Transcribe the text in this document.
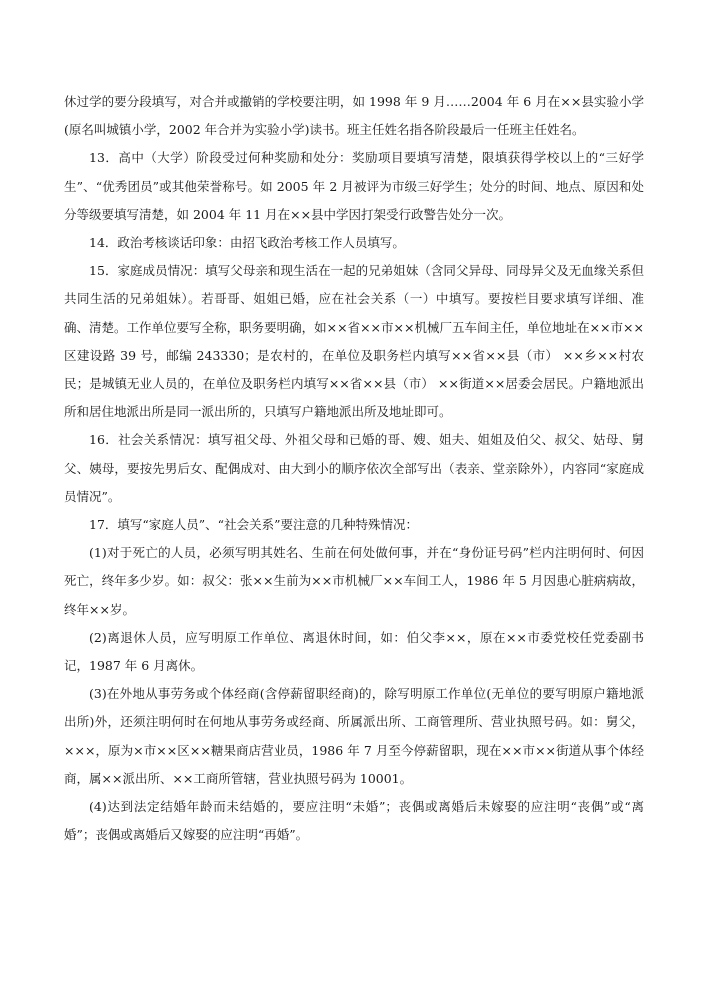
休过学的要分段填写，对合并或撤销的学校要注明，如 1998 年 9 月……2004 年 6 月在××县实验小学(原名叫城镇小学，2002 年合并为实验小学)读书。班主任姓名指各阶段最后一任班主任姓名。

13．高中（大学）阶段受过何种奖励和处分：奖励项目要填写清楚，限填获得学校以上的“三好学生”、“优秀团员”或其他荣誉称号。如 2005 年 2 月被评为市级三好学生；处分的时间、地点、原因和处分等级要填写清楚，如 2004 年 11 月在××县中学因打架受行政警告处分一次。

14．政治考核谈话印象：由招飞政治考核工作人员填写。

15．家庭成员情况：填写父母亲和现生活在一起的兄弟姐妹（含同父异母、同母异父及无血缘关系但共同生活的兄弟姐妹）。若哥哥、姐姐已婚，应在社会关系（一）中填写。要按栏目要求填写详细、准确、清楚。工作单位要写全称，职务要明确，如××省××市××机械厂五车间主任，单位地址在××市××区建设路 39 号，邮编 243330；是农村的，在单位及职务栏内填写××省××县（市） ××乡××村农民；是城镇无业人员的，在单位及职务栏内填写××省××县（市） ××街道××居委会居民。户籍地派出所和居住地派出所是同一派出所的，只填写户籍地派出所及地址即可。

16．社会关系情况：填写祖父母、外祖父母和已婚的哥、嫂、姐夫、姐姐及伯父、叔父、姑母、舅父、姨母，要按先男后女、配偶成对、由大到小的顺序依次全部写出（表亲、堂亲除外），内容同“家庭成员情况”。

17．填写“家庭人员”、“社会关系”要注意的几种特殊情况：

(1)对于死亡的人员，必须写明其姓名、生前在何处做何事，并在“身份证号码”栏内注明何时、何因死亡，终年多少岁。如：叔父：张××生前为××市机械厂××车间工人，1986 年 5 月因患心脏病病故，终年××岁。

(2)离退休人员，应写明原工作单位、离退休时间，如：伯父李××，原在××市委党校任党委副书记，1987 年 6 月离休。

(3)在外地从事劳务或个体经商(含停薪留职经商)的，除写明原工作单位(无单位的要写明原户籍地派出所)外，还须注明何时在何地从事劳务或经商、所属派出所、工商管理所、营业执照号码。如：舅父，×××，原为×市××区××糖果商店营业员，1986 年 7 月至今停薪留职，现在××市××街道从事个体经商，属××派出所、××工商所管辖，营业执照号码为 10001。

(4)达到法定结婚年龄而未结婚的，要应注明“未婚”；丧偶或离婚后未嫁娶的应注明“丧偶”或“离婚”；丧偶或离婚后又嫁娶的应注明“再婚”。
